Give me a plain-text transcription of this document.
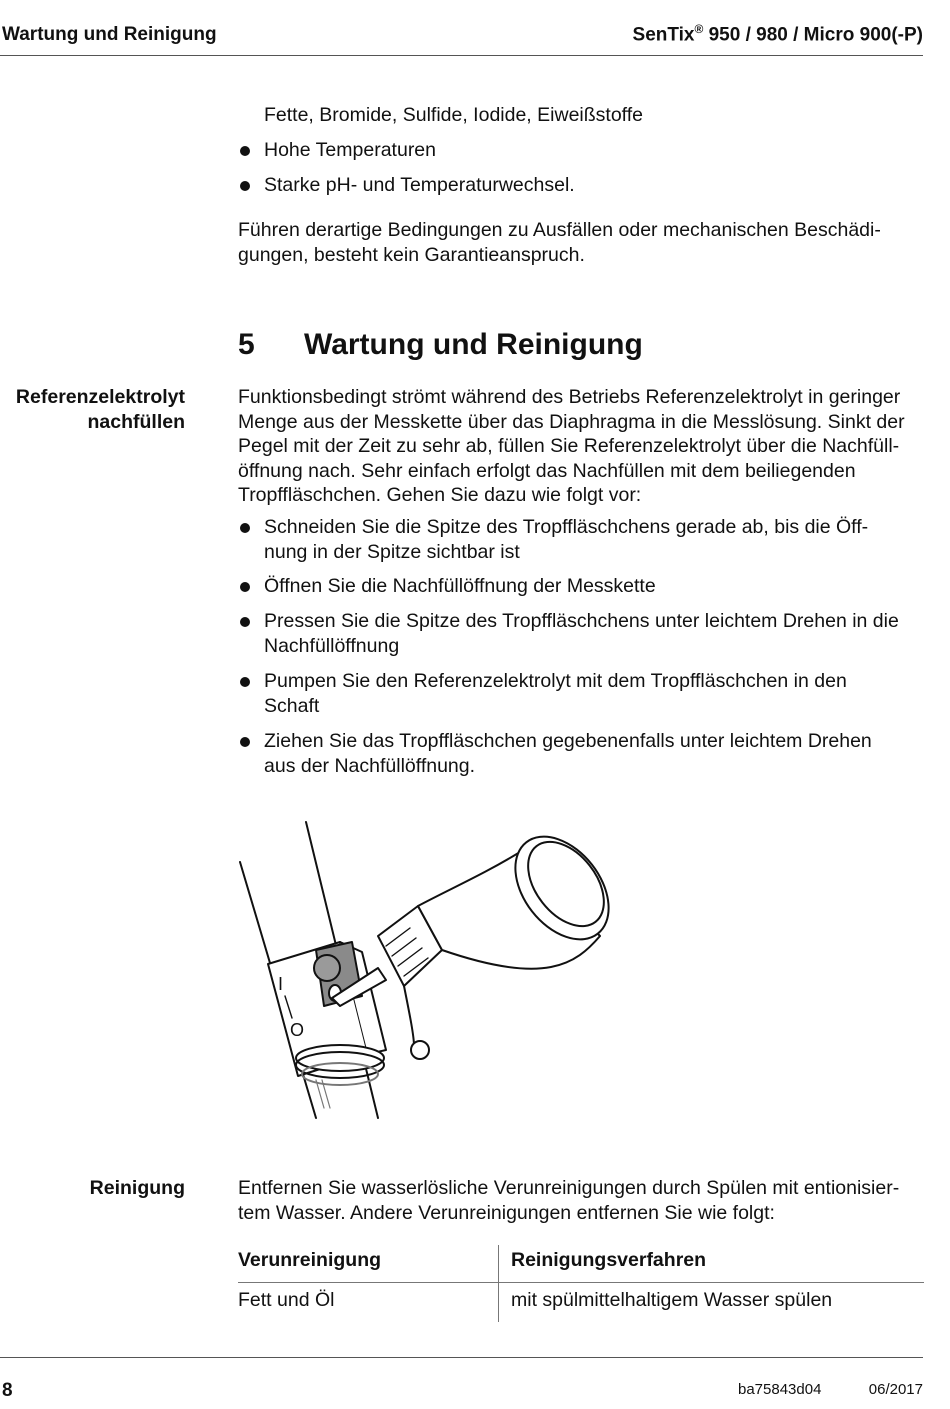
Wartung und Reinigung	SenTix® 950 / 980 / Micro 900(-P)
Fette, Bromide, Sulfide, Iodide, Eiweißstoffe
Hohe Temperaturen
Starke pH- und Temperaturwechsel.
Führen derartige Bedingungen zu Ausfällen oder mechanischen Beschädi-
gungen, besteht kein Garantieanspruch.
5 Wartung und Reinigung
Referenzelektrolyt
nachfüllen
Funktionsbedingt strömt während des Betriebs Referenzelektrolyt in geringer
Menge aus der Messkette über das Diaphragma in die Messlösung. Sinkt der
Pegel mit der Zeit zu sehr ab, füllen Sie Referenzelektrolyt über die Nachfüll-
öffnung nach. Sehr einfach erfolgt das Nachfüllen mit dem beiliegenden
Tropffläschchen. Gehen Sie dazu wie folgt vor:
Schneiden Sie die Spitze des Tropffläschchens gerade ab, bis die Öff-
nung in der Spitze sichtbar ist
Öffnen Sie die Nachfüllöffnung der Messkette
Pressen Sie die Spitze des Tropffläschchens unter leichtem Drehen in die
Nachfüllöffnung
Pumpen Sie den Referenzelektrolyt mit dem Tropffläschchen in den
Schaft
Ziehen Sie das Tropffläschchen gegebenenfalls unter leichtem Drehen
aus der Nachfüllöffnung.
I
O
Reinigung	Entfernen Sie wasserlösliche Verunreinigungen durch Spülen mit entionisier-
tem Wasser. Andere Verunreinigungen entfernen Sie wie folgt:
Verunreinigung	Reinigungsverfahren
Fett und Öl	mit spülmittelhaltigem Wasser spülen
8	ba75843d04	06/2017
